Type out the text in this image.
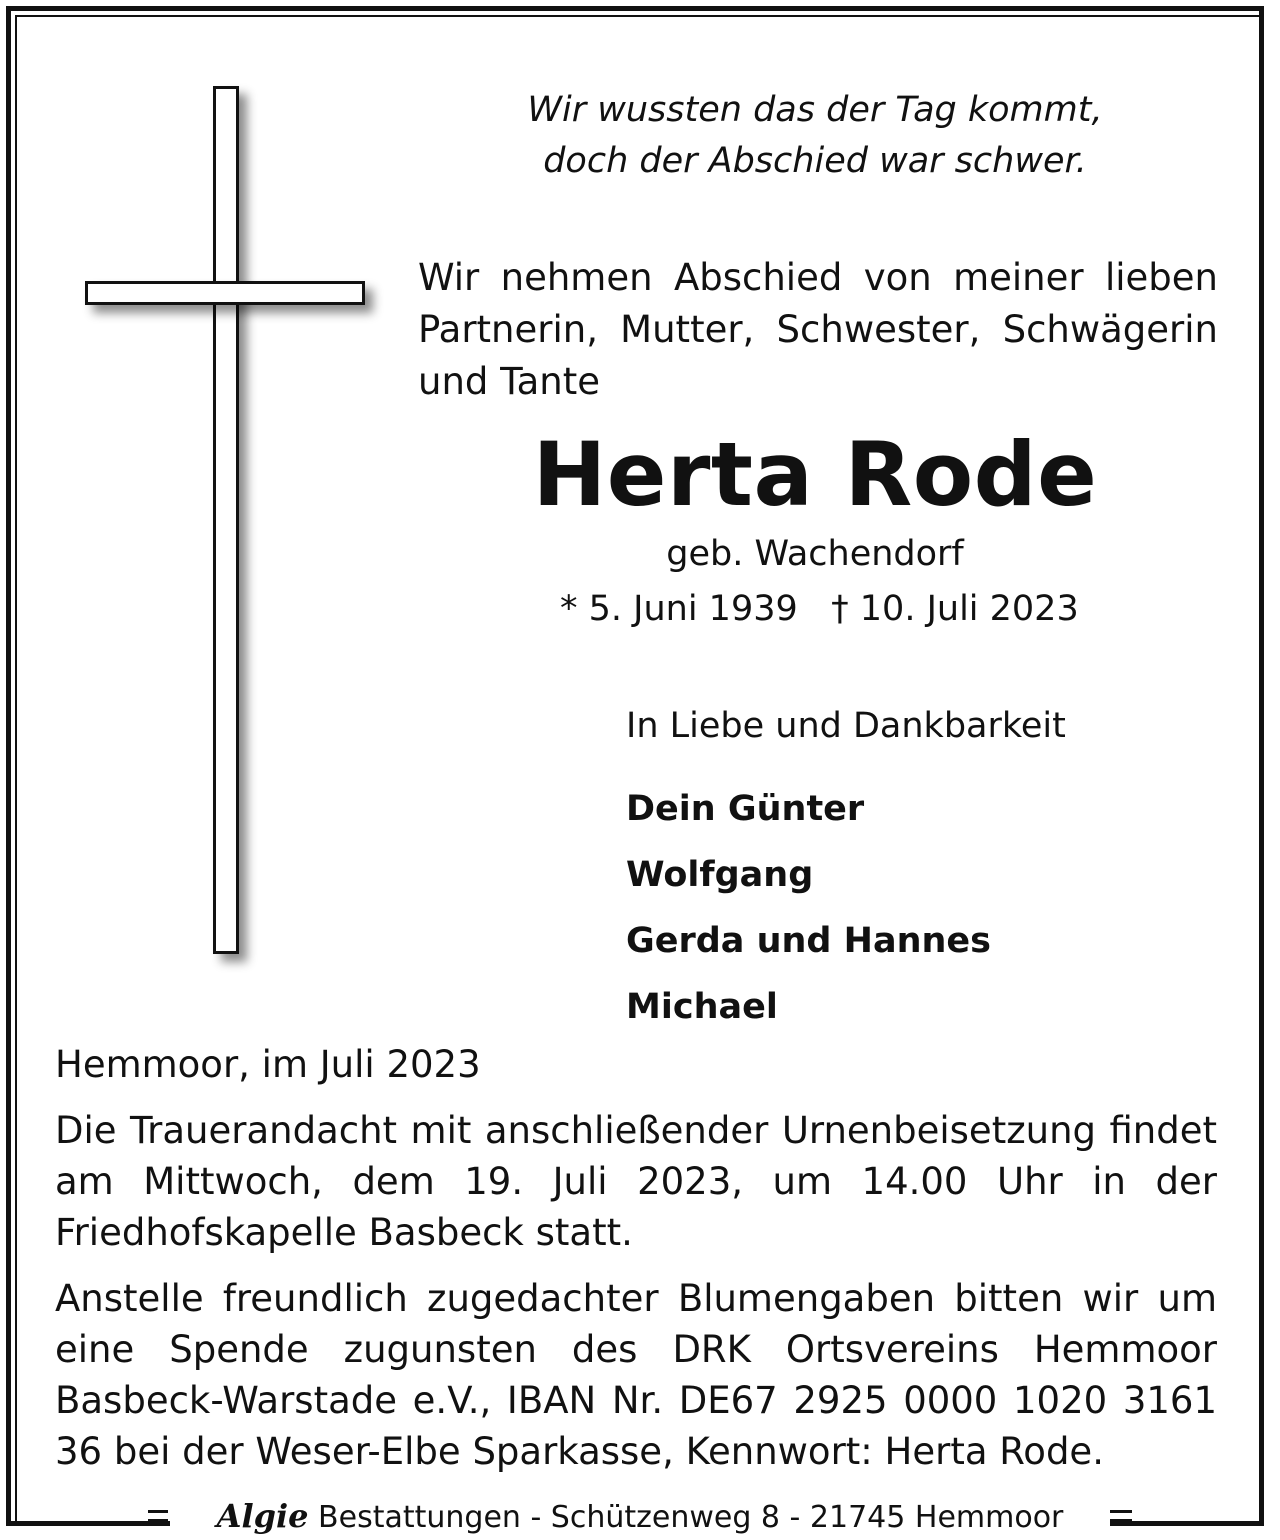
Wir wussten das der Tag kommt,
doch der Abschied war schwer.

Wir nehmen Abschied von meiner lieben Partnerin, Mutter, Schwester, Schwägerin und Tante

Herta Rode
geb. Wachendorf
* 5. Juni 1939 † 10. Juli 2023
In Liebe und Dankbarkeit
Dein Günter
Wolfgang
Gerda und Hannes
Michael
Hemmoor, im Juli 2023

Die Trauerandacht mit anschließender Urnenbeisetzung findet am Mittwoch, dem 19. Juli 2023, um 14.00 Uhr in der Friedhofskapelle Basbeck statt.

Anstelle freundlich zugedachter Blumengaben bitten wir um eine Spende zugunsten des DRK Ortsvereins Hemmoor Basbeck-Warstade e.V., IBAN Nr. DE67 2925 0000 1020 3161 36 bei der Weser-Elbe Sparkasse, Kennwort: Herta Rode.

Algie Bestattungen - Schützenweg 8 - 21745 Hemmoor
